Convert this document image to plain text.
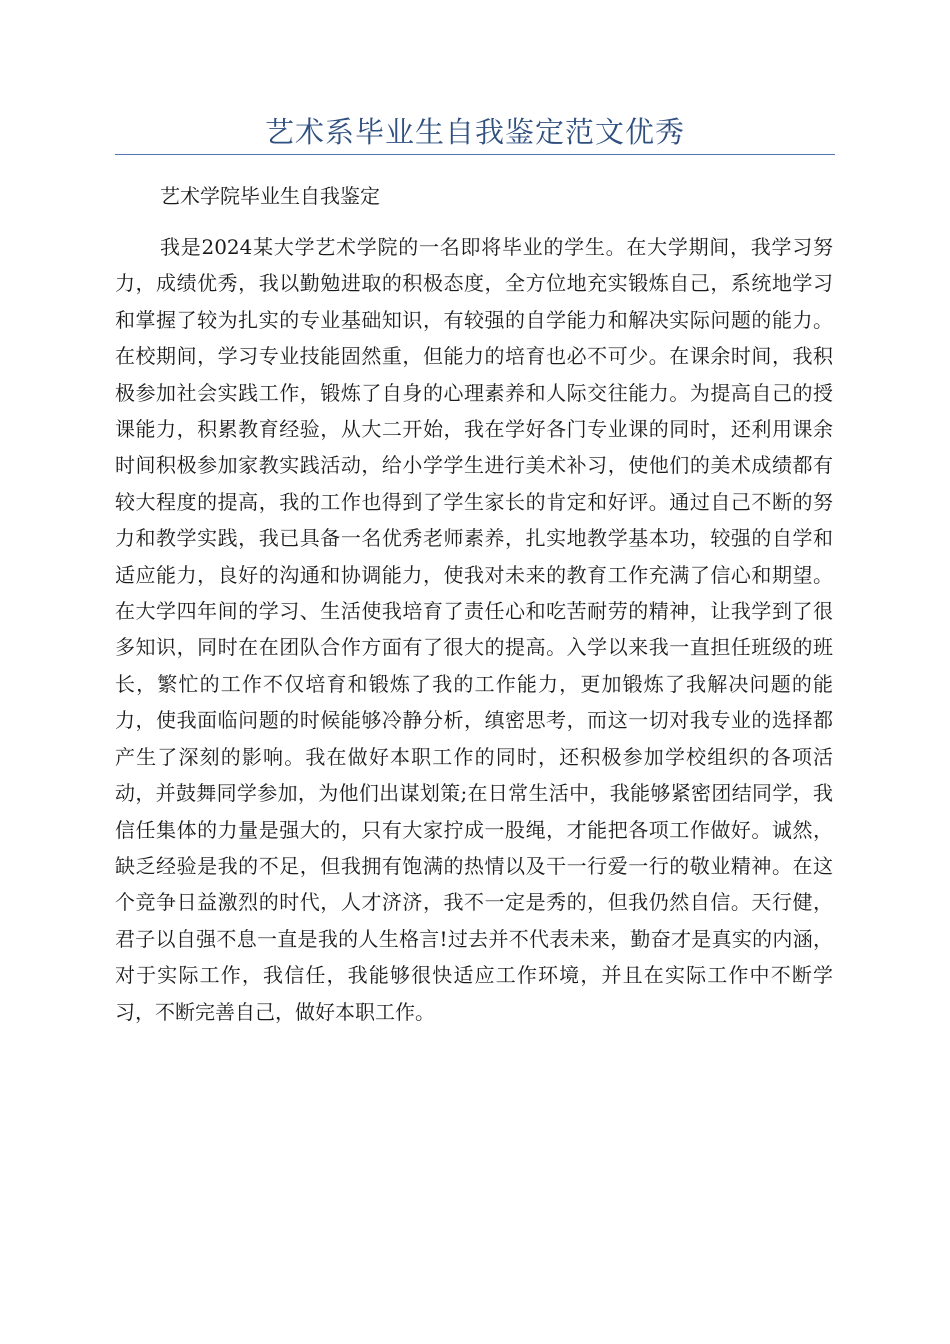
艺术系毕业生自我鉴定范文优秀

艺术学院毕业生自我鉴定

我是2024某大学艺术学院的一名即将毕业的学生。在大学期间，我学习努力，成绩优秀，我以勤勉进取的积极态度，全方位地充实锻炼自己，系统地学习和掌握了较为扎实的专业基础知识，有较强的自学能力和解决实际问题的能力。在校期间，学习专业技能固然重，但能力的培育也必不可少。在课余时间，我积极参加社会实践工作，锻炼了自身的心理素养和人际交往能力。为提高自己的授课能力，积累教育经验，从大二开始，我在学好各门专业课的同时，还利用课余时间积极参加家教实践活动，给小学学生进行美术补习，使他们的美术成绩都有较大程度的提高，我的工作也得到了学生家长的肯定和好评。通过自己不断的努力和教学实践，我已具备一名优秀老师素养，扎实地教学基本功，较强的自学和适应能力，良好的沟通和协调能力，使我对未来的教育工作充满了信心和期望。在大学四年间的学习、生活使我培育了责任心和吃苦耐劳的精神，让我学到了很多知识，同时在在团队合作方面有了很大的提高。入学以来我一直担任班级的班长，繁忙的工作不仅培育和锻炼了我的工作能力，更加锻炼了我解决问题的能力，使我面临问题的时候能够冷静分析，缜密思考，而这一切对我专业的选择都产生了深刻的影响。我在做好本职工作的同时，还积极参加学校组织的各项活动，并鼓舞同学参加，为他们出谋划策;在日常生活中，我能够紧密团结同学，我信任集体的力量是强大的，只有大家拧成一股绳，才能把各项工作做好。诚然，缺乏经验是我的不足，但我拥有饱满的热情以及干一行爱一行的敬业精神。在这个竞争日益激烈的时代，人才济济，我不一定是秀的，但我仍然自信。天行健，君子以自强不息一直是我的人生格言!过去并不代表未来，勤奋才是真实的内涵，对于实际工作，我信任，我能够很快适应工作环境，并且在实际工作中不断学习，不断完善自己，做好本职工作。
